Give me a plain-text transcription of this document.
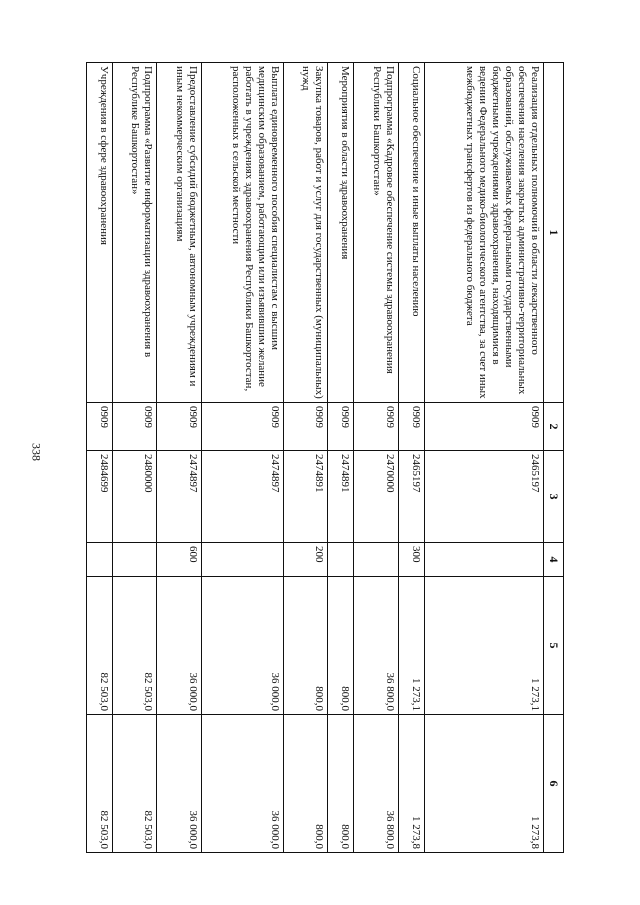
338
1	2	3	4	5	6
Реализация отдельных полномочий в области лекарственного обеспечения населения закрытых административно-территориальных образований, обслуживаемых федеральными государственными бюджетными учреждениями здравоохранения, находящимися в ведении Федерального медико-биологического агентства, за счет иных межбюджетных трансфертов из федерального бюджета	0909	2465197		1 273,1	1 273,8
Социальное обеспечение и иные выплаты населению	0909	2465197	300	1 273,1	1 273,8
Подпрограмма «Кадровое обеспечение системы здравоохранения Республики Башкортостан»	0909	2470000		36 800,0	36 800,0
Мероприятия в области здравоохранения	0909	2474891		800,0	800,0
Закупка товаров, работ и услуг для государственных (муниципальных) нужд	0909	2474891	200	800,0	800,0
Выплата единовременного пособия специалистам с высшим медицинским образованием, работающим или изъявившим желание работать в учреждениях здравоохранения Республики Башкортостан, расположенных в сельской местности	0909	2474897		36 000,0	36 000,0
Предоставление субсидий бюджетным, автономным учреждениям и иным некоммерческим организациям	0909	2474897	600	36 000,0	36 000,0
Подпрограмма «Развитие информатизации здравоохранения в Республике Башкортостан»	0909	2480000		82 503,0	82 503,0
Учреждения в сфере здравоохранения	0909	2484699		82 503,0	82 503,0
